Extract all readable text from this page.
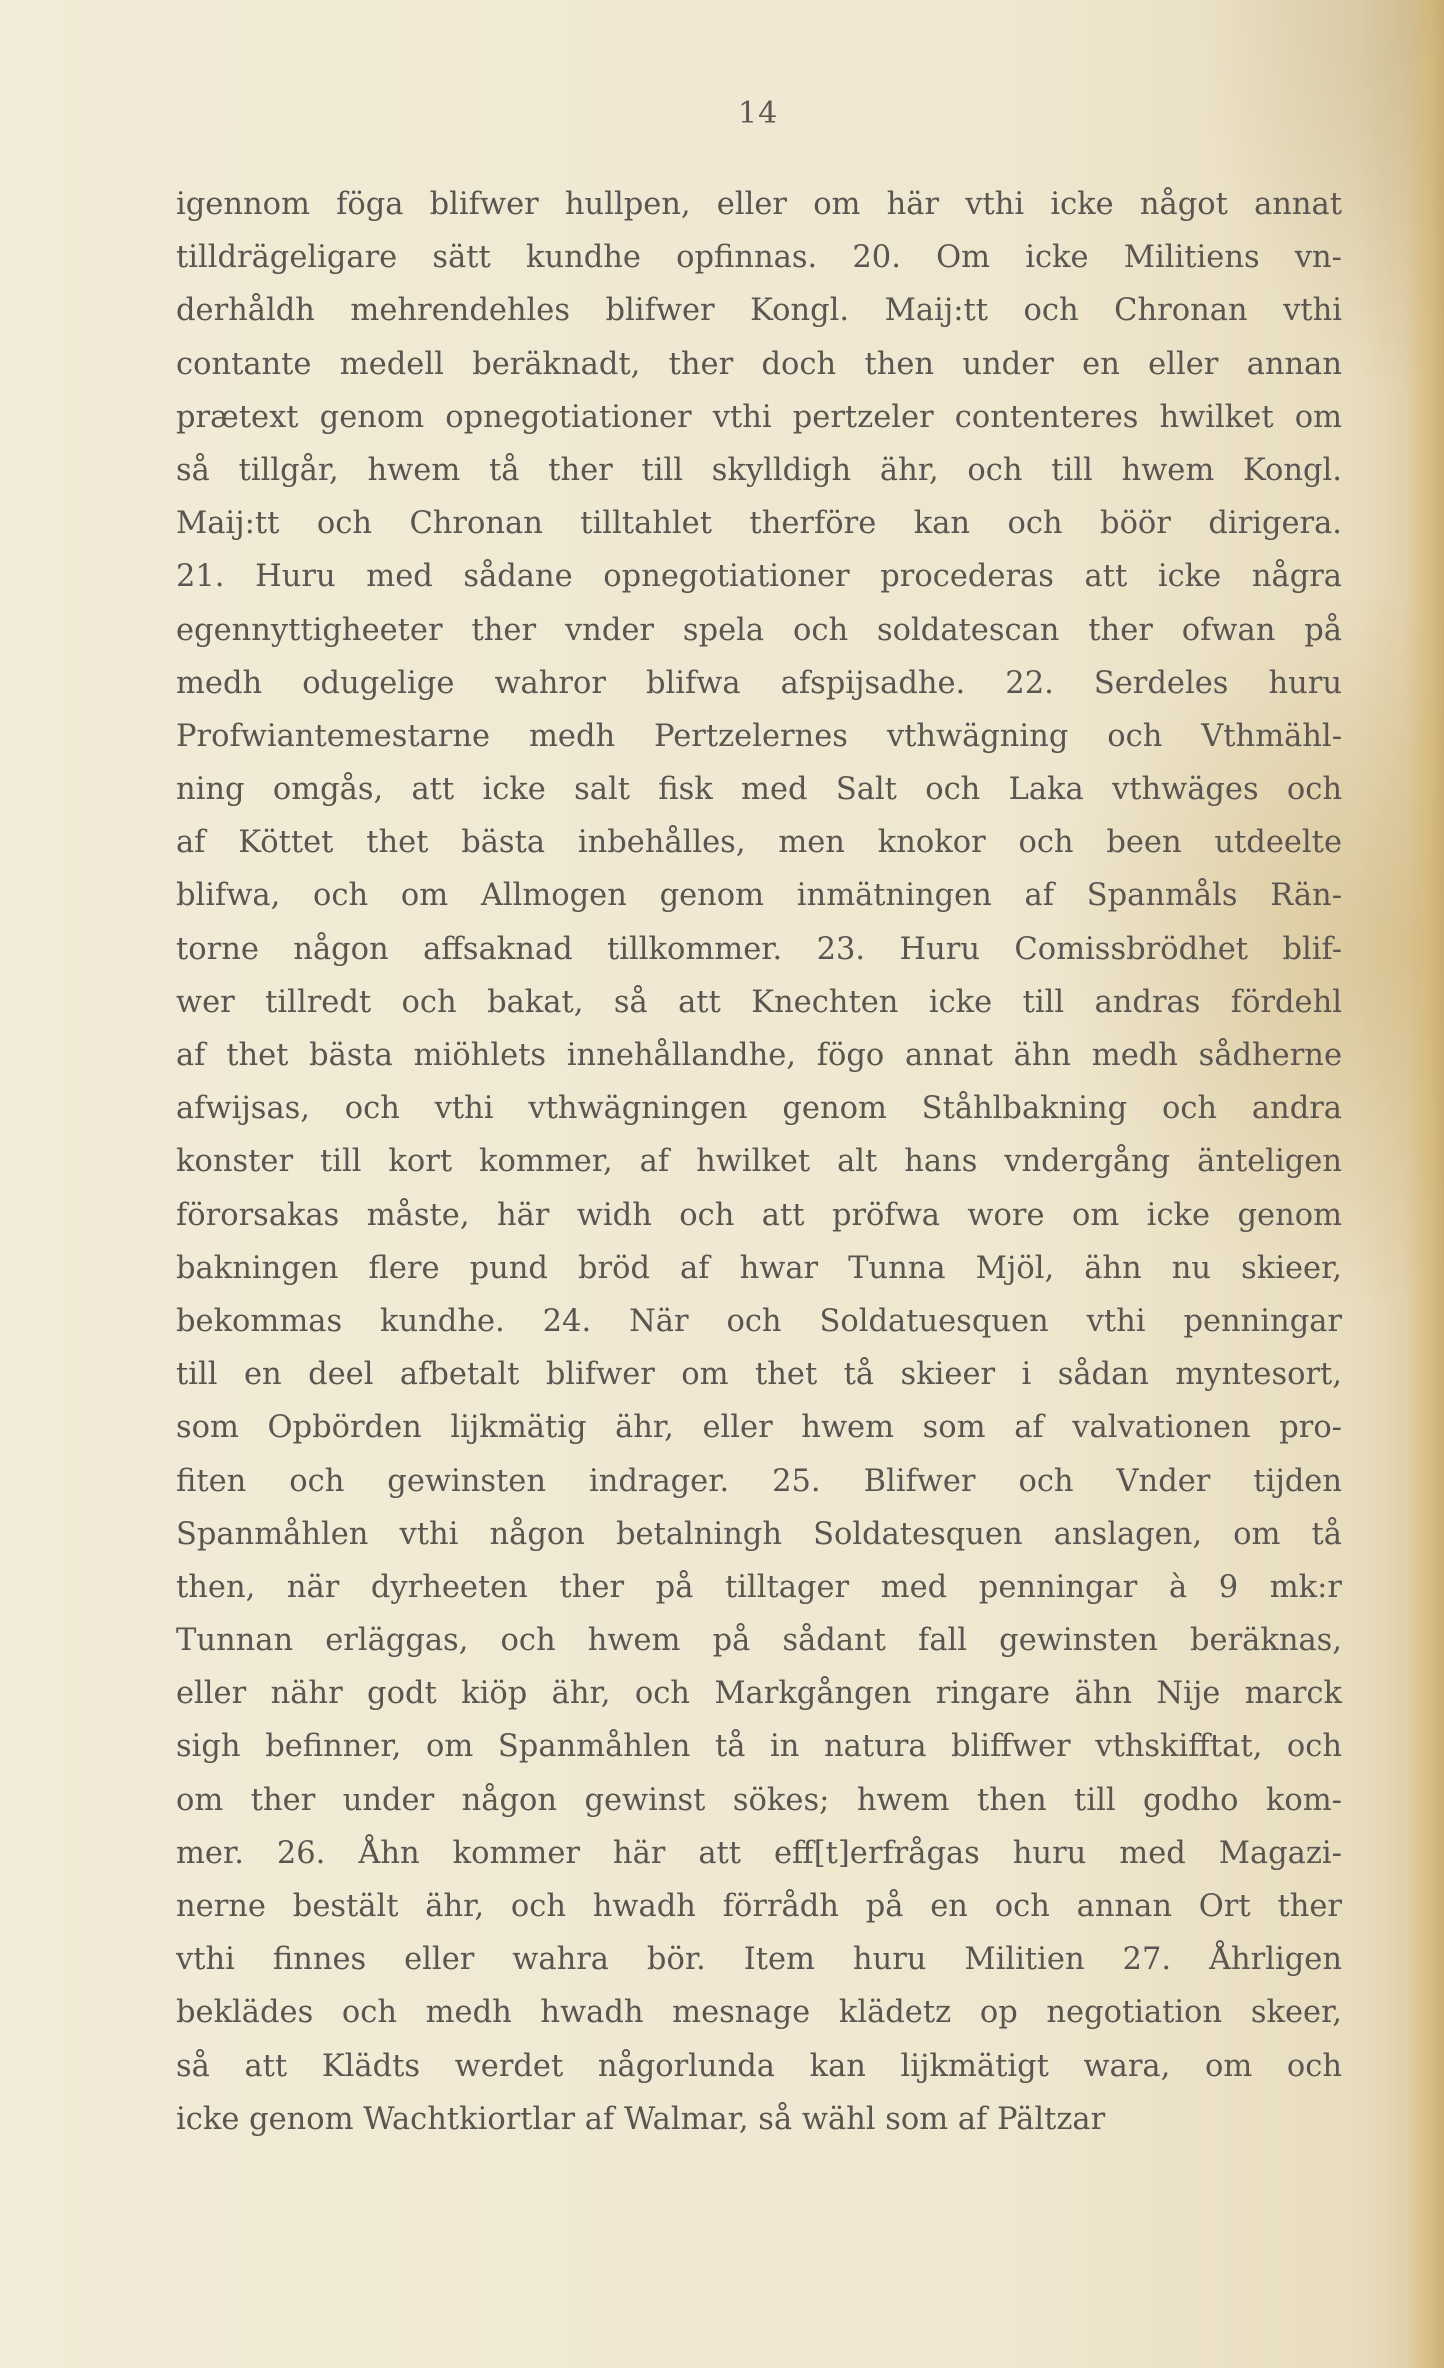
14
igennom föga blifwer hullpen, eller om här vthi icke något annat
tilldrägeligare sätt kundhe opfinnas. 20. Om icke Militiens vn-
derhåldh mehrendehles blifwer Kongl. Maij:tt och Chronan vthi
contante medell beräknadt, ther doch then under en eller annan
prætext genom opnegotiationer vthi pertzeler contenteres hwilket om
så tillgår, hwem tå ther till skylldigh ähr, och till hwem Kongl.
Maij:tt och Chronan tilltahlet therföre kan och böör dirigera.
21. Huru med sådane opnegotiationer procederas att icke några
egennyttigheeter ther vnder spela och soldatescan ther ofwan på
medh odugelige wahror blifwa afspijsadhe. 22. Serdeles huru
Profwiantemestarne medh Pertzelernes vthwägning och Vthmähl-
ning omgås, att icke salt fisk med Salt och Laka vthwäges och
af Köttet thet bästa inbehålles, men knokor och been utdeelte
blifwa, och om Allmogen genom inmätningen af Spanmåls Rän-
torne någon affsaknad tillkommer. 23. Huru Comissbrödhet blif-
wer tillredt och bakat, så att Knechten icke till andras fördehl
af thet bästa miöhlets innehållandhe, fögo annat ähn medh sådherne
afwijsas, och vthi vthwägningen genom Ståhlbakning och andra
konster till kort kommer, af hwilket alt hans vndergång änteligen
förorsakas måste, här widh och att pröfwa wore om icke genom
bakningen flere pund bröd af hwar Tunna Mjöl, ähn nu skieer,
bekommas kundhe. 24. När och Soldatuesquen vthi penningar
till en deel afbetalt blifwer om thet tå skieer i sådan myntesort,
som Opbörden lijkmätig ähr, eller hwem som af valvationen pro-
fiten och gewinsten indrager. 25. Blifwer och Vnder tijden
Spanmåhlen vthi någon betalningh Soldatesquen anslagen, om tå
then, när dyrheeten ther på tilltager med penningar à 9 mk:r
Tunnan erläggas, och hwem på sådant fall gewinsten beräknas,
eller nähr godt kiöp ähr, och Markgången ringare ähn Nije marck
sigh befinner, om Spanmåhlen tå in natura bliffwer vthskifftat, och
om ther under någon gewinst sökes; hwem then till godho kom-
mer. 26. Åhn kommer här att eff[t]erfrågas huru med Magazi-
nerne bestält ähr, och hwadh förrådh på en och annan Ort ther
vthi finnes eller wahra bör. Item huru Militien 27. Åhrligen
beklädes och medh hwadh mesnage klädetz op negotiation skeer,
så att Klädts werdet någorlunda kan lijkmätigt wara, om och
icke genom Wachtkiortlar af Walmar, så wähl som af Pältzar
